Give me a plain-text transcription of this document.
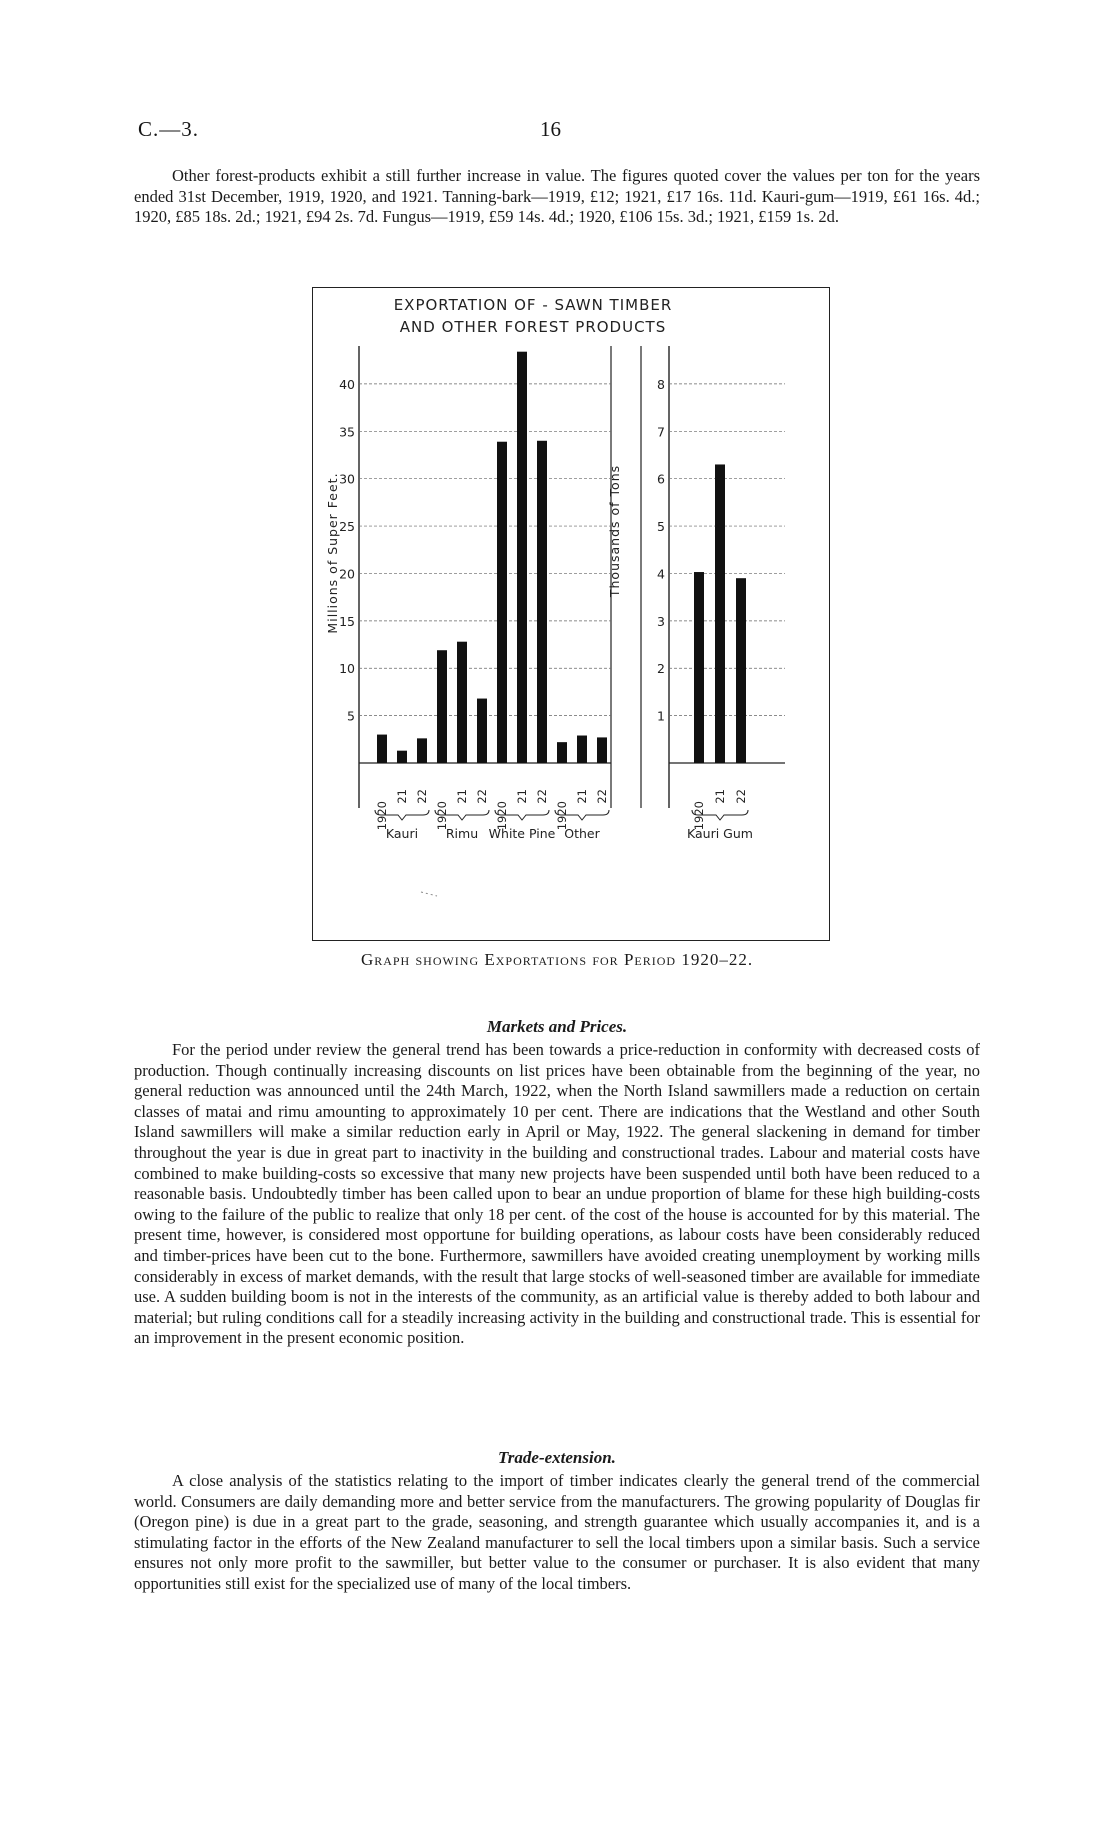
C.—3.	16

Other forest-products exhibit a still further increase in value. The figures quoted cover the values per ton for the years ended 31st December, 1919, 1920, and 1921. Tanning-bark—1919, £12; 1921, £17 16s. 11d. Kauri-gum—1919, £61 16s. 4d.; 1920, £85 18s. 2d.; 1921, £94 2s. 7d. Fungus—1919, £59 14s. 4d.; 1920, £106 15s. 3d.; 1921, £159 1s. 2d.

EXPORTATION OF - SAWN TIMBER
AND OTHER FOREST PRODUCTS
Millions of Super Feet.	Thousands of Tons
5
10
15
20
25
30
35
40
1920
21 22
Kauri
1920
21 22
Rimu
1920
21 22
White Pine
1920
21 22
Other
1
2
3
4
5
6
7
8
1920
21 22
Kauri Gum
Graph showing Exportations for Period 1920–22.
Markets and Prices.

For the period under review the general trend has been towards a price-reduction in conformity with decreased costs of production. Though continually increasing discounts on list prices have been obtainable from the beginning of the year, no general reduction was announced until the 24th March, 1922, when the North Island sawmillers made a reduction on certain classes of matai and rimu amounting to approximately 10 per cent. There are indications that the Westland and other South Island sawmillers will make a similar reduction early in April or May, 1922. The general slackening in demand for timber throughout the year is due in great part to inactivity in the building and constructional trades. Labour and material costs have combined to make building-costs so excessive that many new projects have been suspended until both have been reduced to a reasonable basis. Undoubtedly timber has been called upon to bear an undue proportion of blame for these high building-costs owing to the failure of the public to realize that only 18 per cent. of the cost of the house is accounted for by this material. The present time, however, is considered most opportune for building operations, as labour costs have been considerably reduced and timber-prices have been cut to the bone. Furthermore, sawmillers have avoided creating unemployment by working mills considerably in excess of market demands, with the result that large stocks of well-seasoned timber are available for immediate use. A sudden building boom is not in the interests of the community, as an artificial value is thereby added to both labour and material; but ruling conditions call for a steadily increasing activity in the building and constructional trade. This is essential for an improvement in the present economic position.

Trade-extension.

A close analysis of the statistics relating to the import of timber indicates clearly the general trend of the commercial world. Consumers are daily demanding more and better service from the manufacturers. The growing popularity of Douglas fir (Oregon pine) is due in a great part to the grade, seasoning, and strength guarantee which usually accompanies it, and is a stimulating factor in the efforts of the New Zealand manufacturer to sell the local timbers upon a similar basis. Such a service ensures not only more profit to the sawmiller, but better value to the consumer or purchaser. It is also evident that many opportunities still exist for the specialized use of many of the local timbers.
